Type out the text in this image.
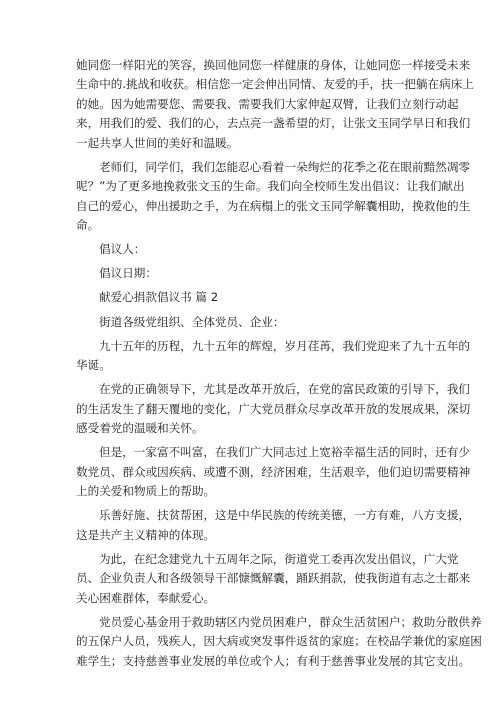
她同您一样阳光的笑容，换回他同您一样健康的身体，让她同您一样接受未来
生命中的.挑战和收获。相信您一定会伸出同情、友爱的手，扶一把躺在病床上
的她。因为她需要您、需要我、需要我们大家伸起双臂，让我们立刻行动起
来，用我们的爱、我们的心，去点亮一盏希望的灯，让张文玉同学早日和我们
一起共享人世间的美好和温暖。
老师们，同学们，我们怎能忍心看着一朵绚烂的花季之花在眼前黯然凋零
呢？”为了更多地挽救张文玉的生命。我们向全校师生发出倡议：让我们献出
自己的爱心，伸出援助之手，为在病榻上的张文玉同学解囊相助，挽救他的生
命。
倡议人：
倡议日期：
献爱心捐款倡议书 篇 2
街道各级党组织、全体党员、企业：
九十五年的历程，九十五年的辉煌，岁月荏苒，我们党迎来了九十五年的
华诞。
在党的正确领导下，尤其是改革开放后，在党的富民政策的引导下，我们
的生活发生了翻天覆地的变化，广大党员群众尽享改革开放的发展成果，深切
感受着党的温暖和关怀。
但是，一家富不叫富，在我们广大同志过上宽裕幸福生活的同时，还有少
数党员、群众或因疾病、或遭不测，经济困难，生活艰辛，他们迫切需要精神
上的关爱和物质上的帮助。
乐善好施、扶贫帮困，这是中华民族的传统美德，一方有难，八方支援，
这是共产主义精神的体现。
为此，在纪念建党九十五周年之际，街道党工委再次发出倡议，广大党
员、企业负责人和各级领导干部慷慨解囊，踊跃捐款，使我街道有志之士都来
关心困难群体，奉献爱心。
党员爱心基金用于救助辖区内党员困难户，群众生活贫困户；救助分散供养
的五保户人员，残疾人，因大病或突发事件返贫的家庭；在校品学兼优的家庭困
难学生；支持慈善事业发展的单位或个人；有利于慈善事业发展的其它支出。
